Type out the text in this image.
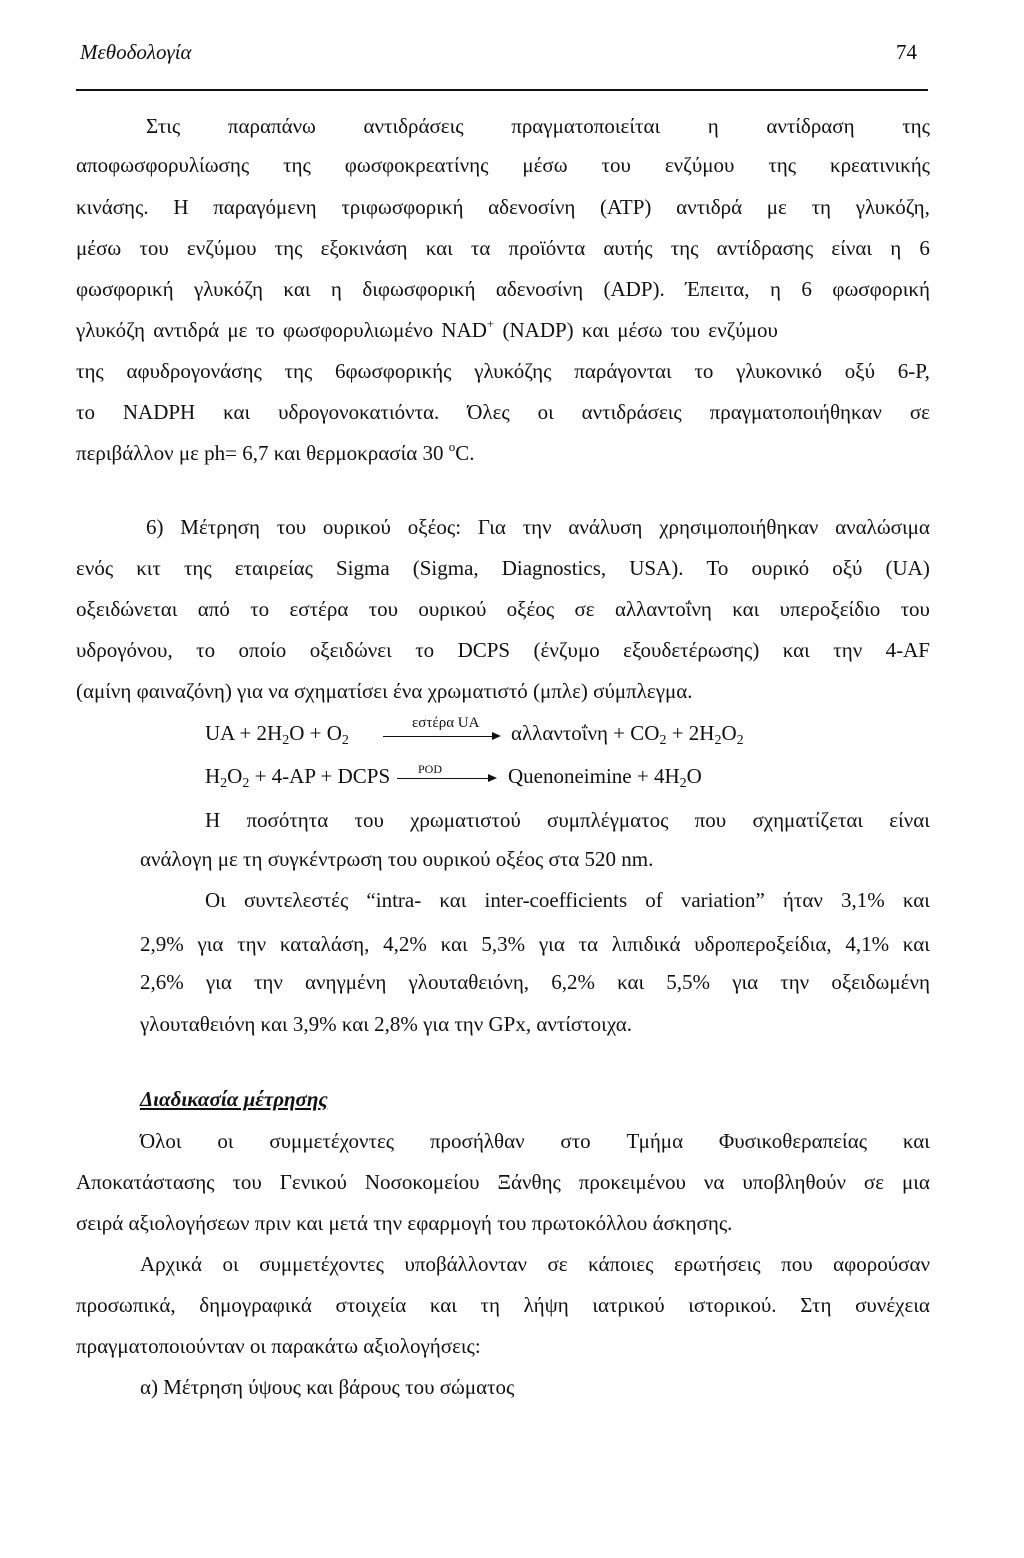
Μεθοδολογία	74
Στις παραπάνω αντιδράσεις πραγματοποιείται η αντίδραση της
αποφωσφορυλίωσης της φωσφοκρεατίνης μέσω του ενζύμου της κρεατινικής
κινάσης. Η παραγόμενη τριφωσφορική αδενοσίνη (ΑΤΡ) αντιδρά με τη γλυκόζη,
μέσω του ενζύμου της εξοκινάση και τα προϊόντα αυτής της αντίδρασης είναι η 6
φωσφορική γλυκόζη και η διφωσφορική αδενοσίνη (ADP). Έπειτα, η 6 φωσφορική
γλυκόζη αντιδρά με το φωσφορυλιωμένο NAD+ (NADP) και μέσω του ενζύμου
της αφυδρογονάσης της 6φωσφορικής γλυκόζης παράγονται το γλυκονικό οξύ 6-Ρ,
το NADPH και υδρογονοκατιόντα. Όλες οι αντιδράσεις πραγματοποιήθηκαν σε
περιβάλλον με ph= 6,7 και θερμοκρασία 30 $^o$C.
6) Μέτρηση του ουρικού οξέος: Για την ανάλυση χρησιμοποιήθηκαν αναλώσιμα
ενός κιτ της εταιρείας Sigma (Sigma, Diagnostics, USA). Το ουρικό οξύ (UA)
οξειδώνεται από το εστέρα του ουρικού οξέος σε αλλαντοΐνη και υπεροξείδιο του
υδρογόνου, το οποίο οξειδώνει το DCPS (ένζυμο εξουδετέρωσης) και την 4-AF
(αμίνη φαιναζόνη) για να σχηματίσει ένα χρωματιστό (μπλε) σύμπλεγμα.
UA + $2H_2O + O_2$
εστέρα UA $\alpha\lambda\lambda\alpha\nu\tau oΐ\nu\eta + CO_2 + 2H_2O_2$
$H_2O_2 + 4-AP$ + DCPS POD	Quenoneimine + $4H_2O$
Η ποσότητα του χρωματιστού συμπλέγματος που σχηματίζεται είναι
ανάλογη με τη συγκέντρωση του ουρικού οξέος στα 520 nm.
Οι συντελεστές “intra- και inter-coefficients of variation” ήταν 3,1% και
2,9% για την καταλάση, 4,2% και 5,3% για τα λιπιδικά υδροπεροξείδια, 4,1% και
2,6% για την ανηγμένη γλουταθειόνη, 6,2% και 5,5% για την οξειδωμένη
γλουταθειόνη και 3,9% και 2,8% για την GPx, αντίστοιχα.
Διαδικασία μέτρησης
Όλοι οι συμμετέχοντες προσήλθαν στο Τμήμα Φυσικοθεραπείας και
Αποκατάστασης του Γενικού Νοσοκομείου Ξάνθης προκειμένου να υποβληθούν σε μια
σειρά αξιολογήσεων πριν και μετά την εφαρμογή του πρωτοκόλλου άσκησης.
Αρχικά οι συμμετέχοντες υποβάλλονταν σε κάποιες ερωτήσεις που αφορούσαν
προσωπικά, δημογραφικά στοιχεία και τη λήψη ιατρικού ιστορικού. Στη συνέχεια
πραγματοποιούνταν οι παρακάτω αξιολογήσεις:
α) Μέτρηση ύψους και βάρους του σώματος
